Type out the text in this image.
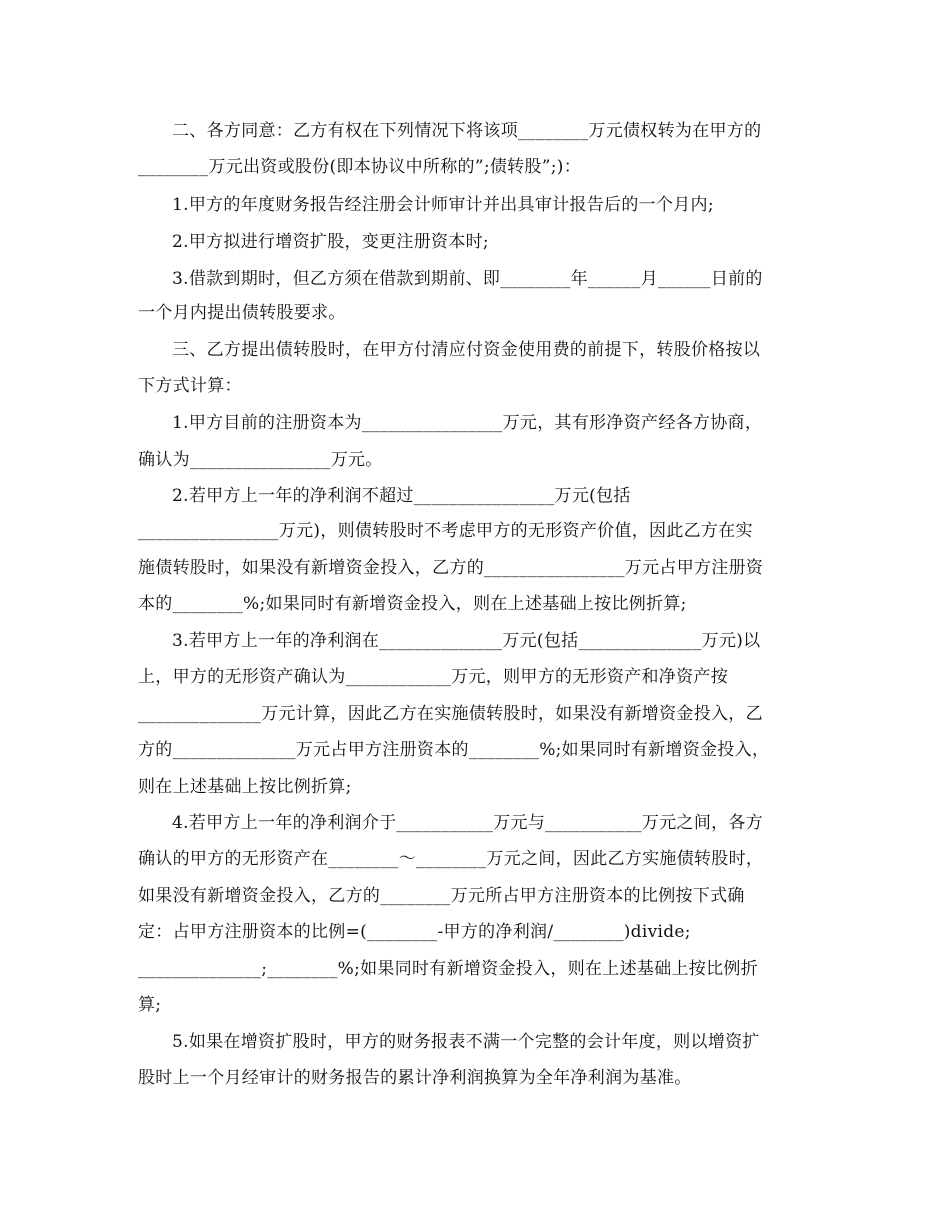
二、各方同意：乙方有权在下列情况下将该项________万元债权转为在甲方的
________万元出资或股份(即本协议中所称的”;债转股”;)：
1.甲方的年度财务报告经注册会计师审计并出具审计报告后的一个月内;
2.甲方拟进行增资扩股，变更注册资本时;
3.借款到期时，但乙方须在借款到期前、即________年______月______日前的
一个月内提出债转股要求。
三、乙方提出债转股时，在甲方付清应付资金使用费的前提下，转股价格按以
下方式计算：
1.甲方目前的注册资本为________________万元，其有形净资产经各方协商，
确认为________________万元。
2.若甲方上一年的净利润不超过________________万元(包括
________________万元)，则债转股时不考虑甲方的无形资产价值，因此乙方在实
施债转股时，如果没有新增资金投入，乙方的________________万元占甲方注册资
本的________%;如果同时有新增资金投入，则在上述基础上按比例折算;
3.若甲方上一年的净利润在______________万元(包括______________万元)以
上，甲方的无形资产确认为____________万元，则甲方的无形资产和净资产按
______________万元计算，因此乙方在实施债转股时，如果没有新增资金投入，乙
方的______________万元占甲方注册资本的________%;如果同时有新增资金投入，
则在上述基础上按比例折算;
4.若甲方上一年的净利润介于___________万元与___________万元之间，各方
确认的甲方的无形资产在________～________万元之间，因此乙方实施债转股时，
如果没有新增资金投入，乙方的________万元所占甲方注册资本的比例按下式确
定：占甲方注册资本的比例=(________-甲方的净利润/________)divide;
______________;________%;如果同时有新增资金投入，则在上述基础上按比例折
算;
5.如果在增资扩股时，甲方的财务报表不满一个完整的会计年度，则以增资扩
股时上一个月经审计的财务报告的累计净利润换算为全年净利润为基准。
